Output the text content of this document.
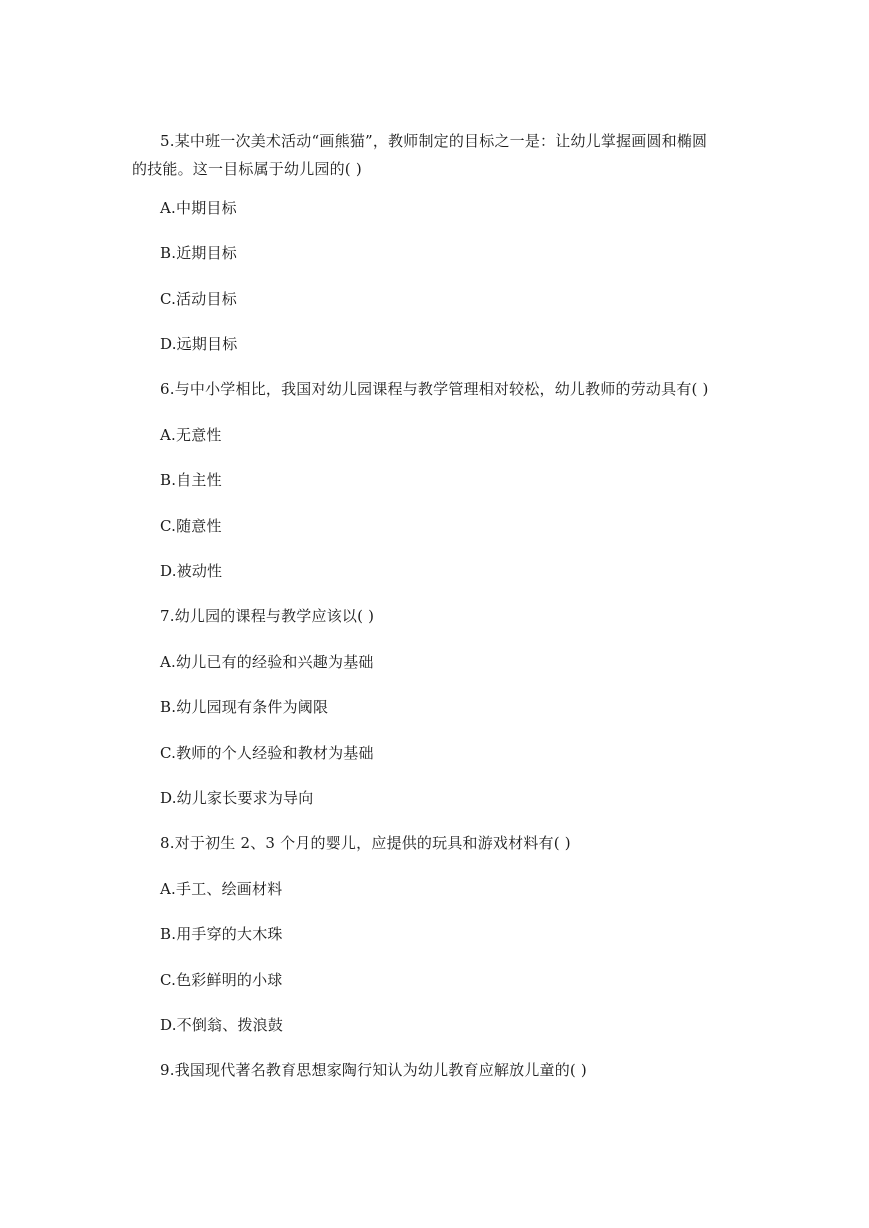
5.某中班一次美术活动“画熊猫”，教师制定的目标之一是：让幼儿掌握画圆和椭圆的技能。这一目标属于幼儿园的( )
A.中期目标
B.近期目标
C.活动目标
D.远期目标
6.与中小学相比，我国对幼儿园课程与教学管理相对较松，幼儿教师的劳动具有( )
A.无意性
B.自主性
C.随意性
D.被动性
7.幼儿园的课程与教学应该以( )
A.幼儿已有的经验和兴趣为基础
B.幼儿园现有条件为阈限
C.教师的个人经验和教材为基础
D.幼儿家长要求为导向
8.对于初生 2、3 个月的婴儿，应提供的玩具和游戏材料有( )
A.手工、绘画材料
B.用手穿的大木珠
C.色彩鲜明的小球
D.不倒翁、拨浪鼓
9.我国现代著名教育思想家陶行知认为幼儿教育应解放儿童的( )
